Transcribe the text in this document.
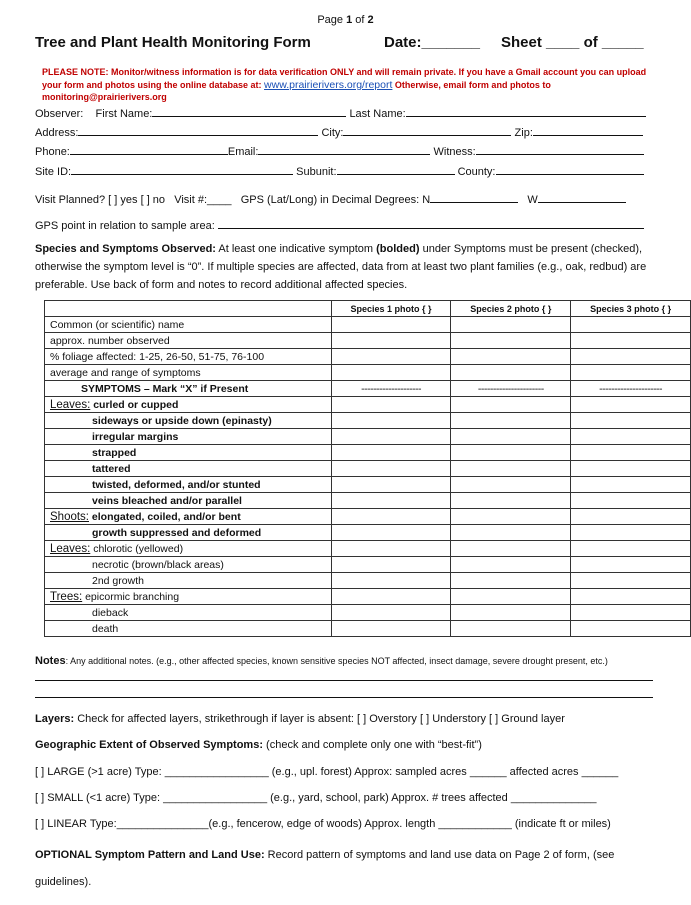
Page 1 of 2
Tree and Plant Health Monitoring Form	Date:_______ Sheet ____ of _____
PLEASE NOTE: Monitor/witness information is for data verification ONLY and will remain private. If you have a Gmail account you can upload your form and photos using the online database at: www.prairierivers.org/report Otherwise, email form and photos to monitoring@prairierivers.org
Observer: First Name:	Last Name:
Address:	City:	Zip:
Phone:	Email:	Witness:
Site ID:	Subunit:	County:
Visit Planned? [ ] yes [ ] no Visit #:____ GPS (Lat/Long) in Decimal Degrees: N	W
GPS point in relation to sample area:
Species and Symptoms Observed: At least one indicative symptom (bolded) under Symptoms must be present (checked), otherwise the symptom level is “0”. If multiple species are affected, data from at least two plant families (e.g., oak, redbud) are preferable. Use back of form and notes to record additional affected species.
	Species 1 photo { }	Species 2 photo { }	Species 3 photo { }
Common (or scientific) name			
approx. number observed			
% foliage affected: 1-25, 26-50, 51-75, 76-100			
average and range of symptoms			
SYMPTOMS – Mark “X” if Present	--------------------	----------------------	---------------------
Leaves: curled or cupped			
sideways or upside down (epinasty)			
irregular margins			
strapped			
tattered			
twisted, deformed, and/or stunted			
veins bleached and/or parallel			
Shoots: elongated, coiled, and/or bent			
growth suppressed and deformed			
Leaves: chlorotic (yellowed)			
necrotic (brown/black areas)			
2nd growth			
Trees: epicormic branching			
dieback			
death			
Notes: Any additional notes. (e.g., other affected species, known sensitive species NOT affected, insect damage, severe drought present, etc.)
Layers: Check for affected layers, strikethrough if layer is absent: [ ] Overstory [ ] Understory [ ] Ground layer
Geographic Extent of Observed Symptoms: (check and complete only one with “best-fit”)
[ ] LARGE (>1 acre) Type: _________________ (e.g., upl. forest) Approx: sampled acres ______ affected acres ______
[ ] SMALL (<1 acre) Type: _________________ (e.g., yard, school, park) Approx. # trees affected ______________
[ ] LINEAR Type:_______________(e.g., fencerow, edge of woods) Approx. length ____________ (indicate ft or miles)
OPTIONAL Symptom Pattern and Land Use: Record pattern of symptoms and land use data on Page 2 of form, (see guidelines).
